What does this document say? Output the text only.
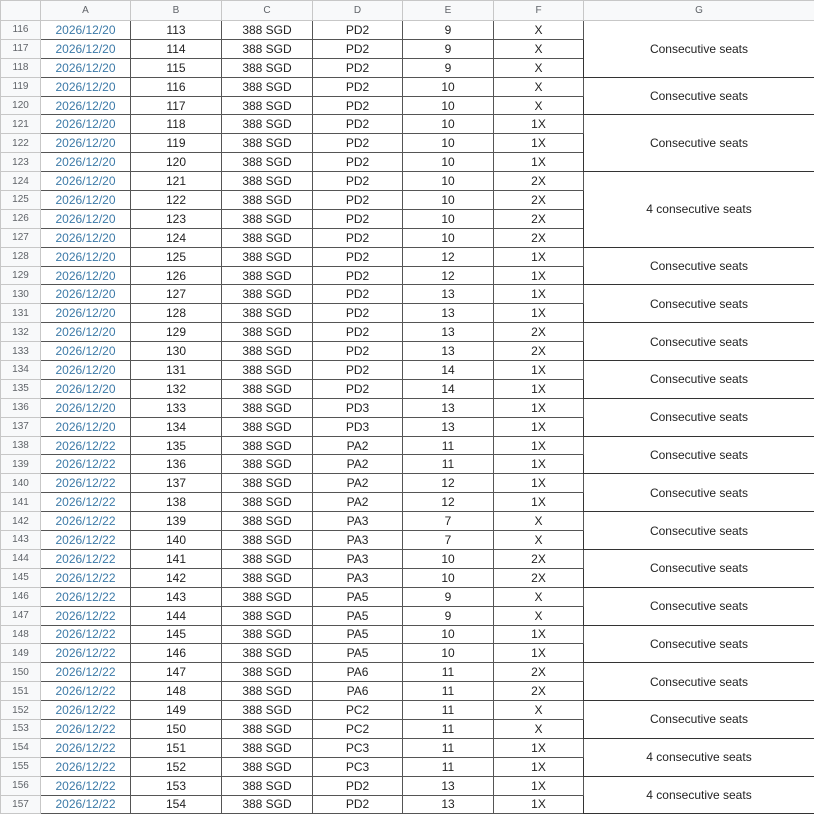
	A	B	C	D	E	F	G
116	2026/12/20	113	388 SGD	PD2	9	X	Consecutive seats
117	2026/12/20	114	388 SGD	PD2	9	X	
118	2026/12/20	115	388 SGD	PD2	9	X	
119	2026/12/20	116	388 SGD	PD2	10	X	Consecutive seats
120	2026/12/20	117	388 SGD	PD2	10	X	
121	2026/12/20	118	388 SGD	PD2	10	1X	Consecutive seats
122	2026/12/20	119	388 SGD	PD2	10	1X	
123	2026/12/20	120	388 SGD	PD2	10	1X	
124	2026/12/20	121	388 SGD	PD2	10	2X	4 consecutive seats
125	2026/12/20	122	388 SGD	PD2	10	2X	
126	2026/12/20	123	388 SGD	PD2	10	2X	
127	2026/12/20	124	388 SGD	PD2	10	2X	
128	2026/12/20	125	388 SGD	PD2	12	1X	Consecutive seats
129	2026/12/20	126	388 SGD	PD2	12	1X	
130	2026/12/20	127	388 SGD	PD2	13	1X	Consecutive seats
131	2026/12/20	128	388 SGD	PD2	13	1X	
132	2026/12/20	129	388 SGD	PD2	13	2X	Consecutive seats
133	2026/12/20	130	388 SGD	PD2	13	2X	
134	2026/12/20	131	388 SGD	PD2	14	1X	Consecutive seats
135	2026/12/20	132	388 SGD	PD2	14	1X	
136	2026/12/20	133	388 SGD	PD3	13	1X	Consecutive seats
137	2026/12/20	134	388 SGD	PD3	13	1X	
138	2026/12/22	135	388 SGD	PA2	11	1X	Consecutive seats
139	2026/12/22	136	388 SGD	PA2	11	1X	
140	2026/12/22	137	388 SGD	PA2	12	1X	Consecutive seats
141	2026/12/22	138	388 SGD	PA2	12	1X	
142	2026/12/22	139	388 SGD	PA3	7	X	Consecutive seats
143	2026/12/22	140	388 SGD	PA3	7	X	
144	2026/12/22	141	388 SGD	PA3	10	2X	Consecutive seats
145	2026/12/22	142	388 SGD	PA3	10	2X	
146	2026/12/22	143	388 SGD	PA5	9	X	Consecutive seats
147	2026/12/22	144	388 SGD	PA5	9	X	
148	2026/12/22	145	388 SGD	PA5	10	1X	Consecutive seats
149	2026/12/22	146	388 SGD	PA5	10	1X	
150	2026/12/22	147	388 SGD	PA6	11	2X	Consecutive seats
151	2026/12/22	148	388 SGD	PA6	11	2X	
152	2026/12/22	149	388 SGD	PC2	11	X	Consecutive seats
153	2026/12/22	150	388 SGD	PC2	11	X	
154	2026/12/22	151	388 SGD	PC3	11	1X	4 consecutive seats
155	2026/12/22	152	388 SGD	PC3	11	1X	
156	2026/12/22	153	388 SGD	PD2	13	1X	4 consecutive seats
157	2026/12/22	154	388 SGD	PD2	13	1X	
